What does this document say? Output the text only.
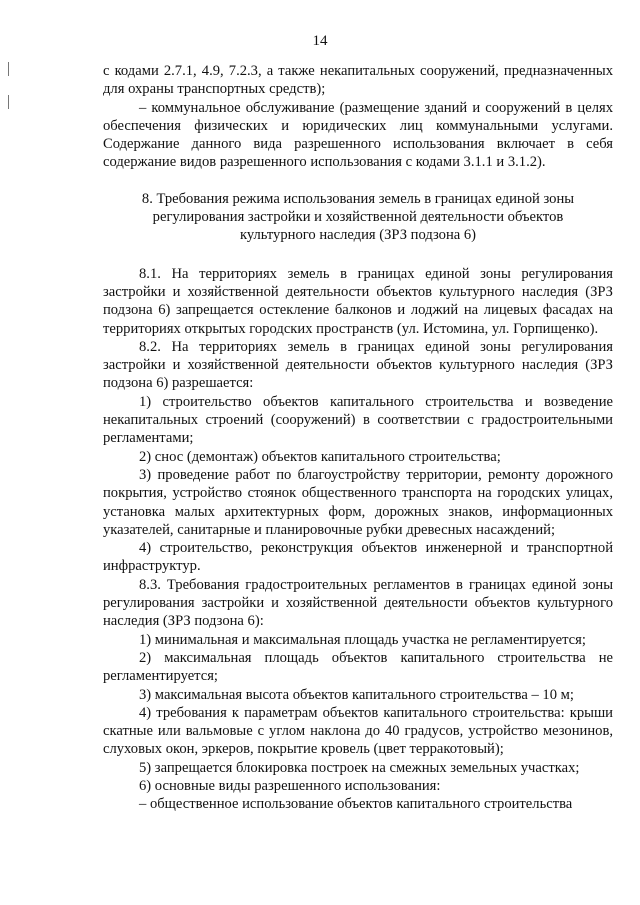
14

с кодами 2.7.1, 4.9, 7.2.3, а также некапитальных сооружений, предназначенных для охраны транспортных средств);

– коммунальное обслуживание (размещение зданий и сооружений в целях обеспечения физических и юридических лиц коммунальными услугами. Содержание данного вида разрешенного использования включает в себя содержание видов разрешенного использования с кодами 3.1.1 и 3.1.2).

8. Требования режима использования земель в границах единой зоны

регулирования застройки и хозяйственной деятельности объектов

культурного наследия (ЗРЗ подзона 6)

8.1. На территориях земель в границах единой зоны регулирования застройки и хозяйственной деятельности объектов культурного наследия (ЗРЗ подзона 6) запрещается остекление балконов и лоджий на лицевых фасадах на территориях открытых городских пространств (ул. Истомина, ул. Горпищенко).

8.2. На территориях земель в границах единой зоны регулирования застройки и хозяйственной деятельности объектов культурного наследия (ЗРЗ подзона 6) разрешается:

1) строительство объектов капитального строительства и возведение некапитальных строений (сооружений) в соответствии с градостроительными регламентами;

2) снос (демонтаж) объектов капитального строительства;

3) проведение работ по благоустройству территории, ремонту дорожного покрытия, устройство стоянок общественного транспорта на городских улицах, установка малых архитектурных форм, дорожных знаков, информационных указателей, санитарные и планировочные рубки древесных насаждений;

4) строительство, реконструкция объектов инженерной и транспортной инфраструктур.

8.3. Требования градостроительных регламентов в границах единой зоны регулирования застройки и хозяйственной деятельности объектов культурного наследия (ЗРЗ подзона 6):

1) минимальная и максимальная площадь участка не регламентируется;

2) максимальная площадь объектов капитального строительства не регламентируется;

3) максимальная высота объектов капитального строительства – 10 м;

4) требования к параметрам объектов капитального строительства: крыши скатные или вальмовые с углом наклона до 40 градусов, устройство мезонинов, слуховых окон, эркеров, покрытие кровель (цвет терракотовый);

5) запрещается блокировка построек на смежных земельных участках;

6) основные виды разрешенного использования:

– общественное использование объектов капитального строительства
